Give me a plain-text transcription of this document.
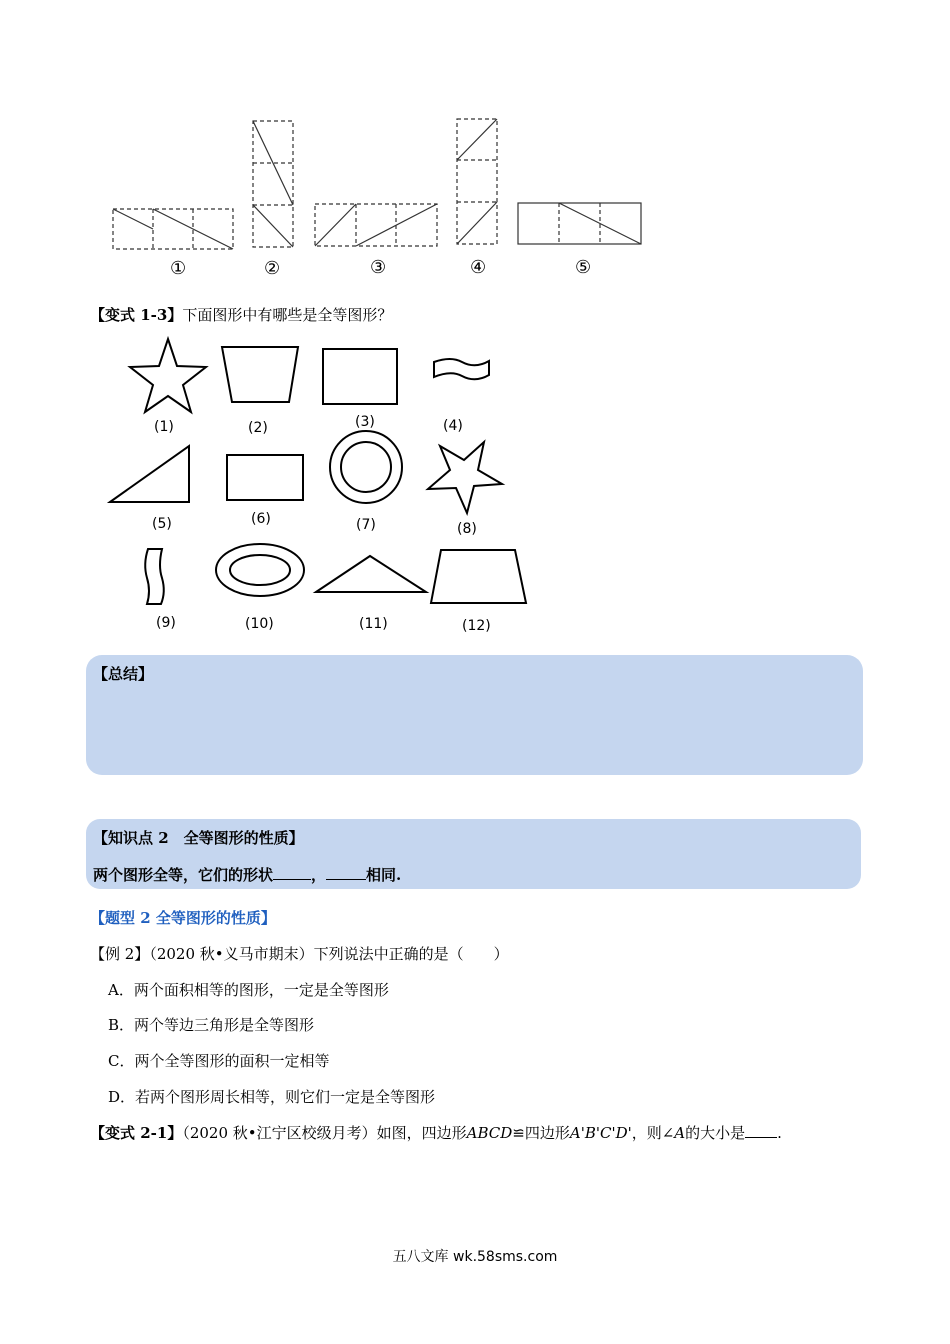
①	②	③	④	⑤
【变式 1-3】下面图形中有哪些是全等图形？
(1)	(2)	(3)	(4)
(5)	(6)	(7)	(8)
(9)	(10)	(11)	(12)
【总结】
【知识点 2　全等图形的性质】
两个图形全等，它们的形状	，	相同.
【题型 2 全等图形的性质】
【例 2】（2020 秋•义马市期末）下列说法中正确的是（　　）
A．两个面积相等的图形，一定是全等图形
B．两个等边三角形是全等图形
C．两个全等图形的面积一定相等
D．若两个图形周长相等，则它们一定是全等图形
【变式 2-1】（2020 秋•江宁区校级月考）如图，四边形ABCD≌四边形A'B'C'D'，则∠A的大小是 .
五八文库 wk.58sms.com
